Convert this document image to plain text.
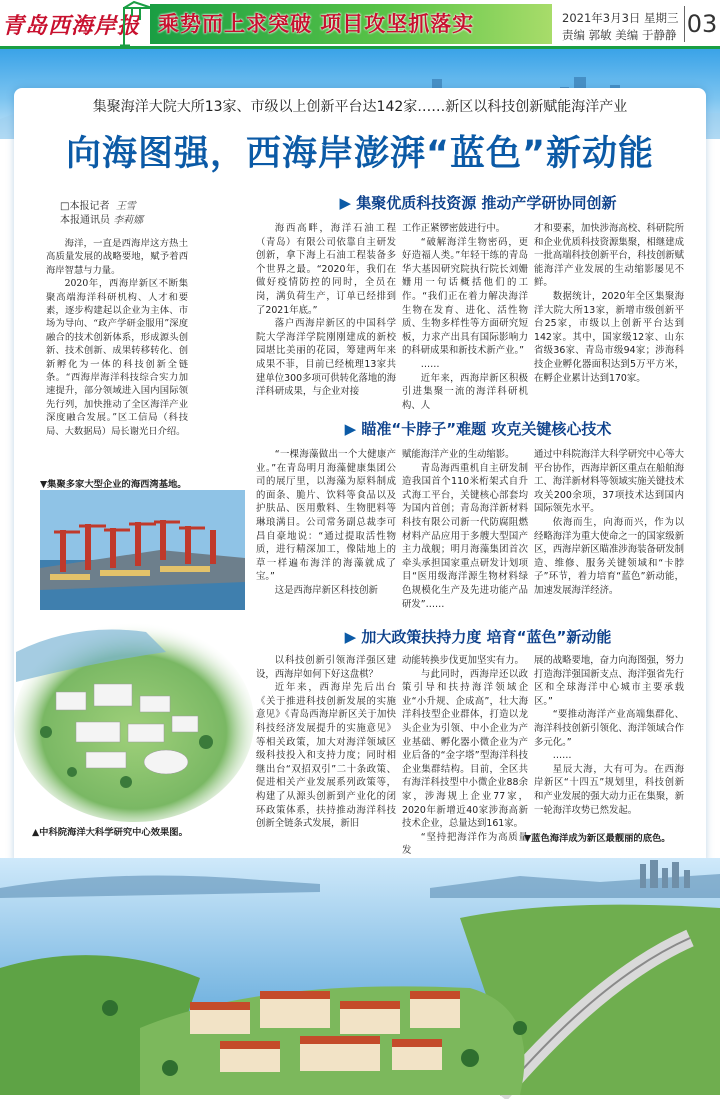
青岛西海岸报 乘势而上求突破 项目攻坚抓落实	2021年3月3日 星期三
责编 郭敏 美编 于静静 03
集聚海洋大院大所13家、市级以上创新平台达142家……新区以科技创新赋能海洋产业
向海图强，西海岸澎湃“蓝色”新动能
□本报记者 王雪
本报通讯员 李莉娜

海洋，一直是西海岸这方热土高质量发展的战略要地，赋予着西海岸智慧与力量。

2020年，西海岸新区不断集聚高端海洋科研机构、人才和要素，逐步构建起以企业为主体、市场为导向、“政产学研金服用”深度融合的技术创新体系，形成源头创新、技术创新、成果转移转化、创新孵化为一体的科技创新全链条。“西海岸海洋科技综合实力加速提升，部分领域进入国内国际领先行列，加快推动了全区海洋产业深度融合发展。”区工信局（科技局、大数据局）局长谢光日介绍。

▼集聚多家大型企业的海西湾基地。
▲中科院海洋大科学研究中心效果图。
▶ 集聚优质科技资源 推动产学研协同创新

海西高畔，海洋石油工程（青岛）有限公司依靠自主研发创新，拿下海上石油工程装备多个世界之最。“2020年，我们在做好疫情防控的同时，全员在岗，满负荷生产，订单已经排到了2021年底。”

落户西海岸新区的中国科学院大学海洋学院刚刚建成的新校园堪比美丽的花园，筹建两年来成果不菲，目前已经梳理13家共建单位300多项可供转化落地的海洋科研成果，与企业对接

工作正紧锣密鼓进行中。

“破解海洋生物密码，更好造福人类。”年轻干练的青岛华大基因研究院执行院长刘姗姗用一句话概括他们的工作。“我们正在着力解决海洋生物在发育、进化、活性物质、生物多样性等方面研究短板，力求产出具有国际影响力的科研成果和新技术新产业。”

……

近年来，西海岸新区积极引进集聚一流的海洋科研机构、人

才和要素，加快涉海高校、科研院所和企业优质科技资源集聚，相继建成一批高端科技创新平台，科技创新赋能海洋产业发展的生动缩影屡见不鲜。

数据统计，2020年全区集聚海洋大院大所13家，新增市级创新平台25家，市级以上创新平台达到142家。其中，国家级12家、山东省级36家、青岛市级94家；涉海科技企业孵化器面积达到5万平方米，在孵企业累计达到170家。

▶ 瞄准“卡脖子”难题 攻克关键核心技术

“一棵海藻做出一个大健康产业。”在青岛明月海藻健康集团公司的展厅里，以海藻为原料制成的面条、脆片、饮料等食品以及护肤品、医用敷料、生物肥料等琳琅满目。公司常务副总裁李可昌自豪地说：“通过提取活性物质，进行精深加工，像陆地上的草一样遍布海洋的海藻就成了宝。”

这是西海岸新区科技创新

赋能海洋产业的生动缩影。

青岛海西重机自主研发制造我国首个110米桁架式自升式海工平台，关键核心部套均为国内首创；青岛海洋新材料科技有限公司新一代防腐阻燃材料产品应用于多艘大型国产主力战舰；明月海藻集团首次牵头承担国家重点研发计划项目“医用级海洋源生物材料绿色规模化生产及先进功能产品研发”……

通过中科院海洋大科学研究中心等大平台协作，西海岸新区重点在船舶海工、海洋新材料等领域实施关键技术攻关200余项，37项技术达到国内国际领先水平。

依海而生，向海而兴，作为以经略海洋为重大使命之一的国家级新区，西海岸新区瞄准涉海装备研发制造、维修、服务关键领域和“卡脖子”环节，着力培育“蓝色”新动能，加速发展海洋经济。

▶ 加大政策扶持力度 培育“蓝色”新动能

以科技创新引领海洋强区建设，西海岸如何下好这盘棋？

近年来，西海岸先后出台《关于推进科技创新发展的实施意见》《青岛西海岸新区关于加快科技经济发展提升的实施意见》等相关政策，加大对海洋领域区级科技投入和支持力度；同时相继出台“双招双引”二十条政策、促进相关产业发展系列政策等，构建了从源头创新到产业化的闭环政策体系，扶持推动海洋科技创新全链条式发展，新旧

动能转换步伐更加坚实有力。

与此同时，西海岸还以政策引导和扶持海洋领域企业“小升规、企成高”，壮大海洋科技型企业群体，打造以龙头企业为引领、中小企业为产业基础、孵化器小微企业为产业后备的“金字塔”型海洋科技企业集群结构。目前，全区共有海洋科技型中小微企业88余家，涉海规上企业77家，2020年新增近40家涉海高新技术企业，总量达到161家。

“坚持把海洋作为高质量发

展的战略要地，奋力向海图强，努力打造海洋强国新支点、海洋强省先行区和全球海洋中心城市主要承载区。”

“要推动海洋产业高端集群化、海洋科技创新引领化、海洋领域合作多元化。”

……

星辰大海，大有可为。在西海岸新区“十四五”规划里，科技创新和产业发展的强大动力正在集聚，新一轮海洋攻势已然发起。

▼蓝色海洋成为新区最靓丽的底色。
